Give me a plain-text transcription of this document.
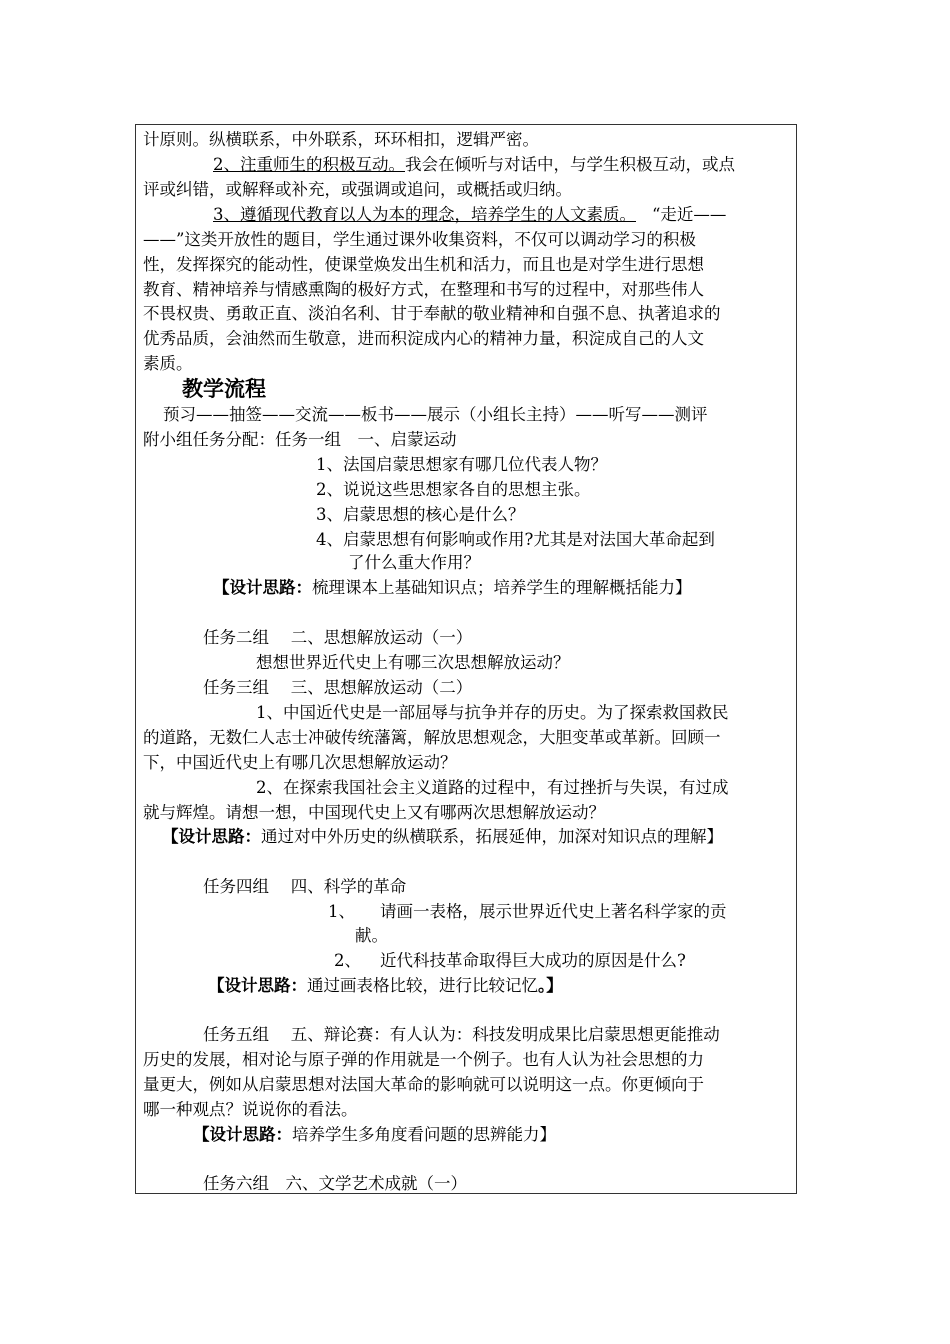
计原则。纵横联系，中外联系，环环相扣，逻辑严密。
2、注重师生的积极互动。我会在倾听与对话中，与学生积极互动，或点
评或纠错，或解释或补充，或强调或追问，或概括或归纳。
3、遵循现代教育以人为本的理念，培养学生的人文素质。 “走近——
——”这类开放性的题目，学生通过课外收集资料，不仅可以调动学习的积极
性，发挥探究的能动性，使课堂焕发出生机和活力，而且也是对学生进行思想
教育、精神培养与情感熏陶的极好方式，在整理和书写的过程中，对那些伟人
不畏权贵、勇敢正直、淡泊名利、甘于奉献的敬业精神和自强不息、执著追求的
优秀品质，会油然而生敬意，进而积淀成内心的精神力量，积淀成自己的人文
素质。
教学流程
预习——抽签——交流——板书——展示（小组长主持）——听写——测评
附小组任务分配：任务一组　一、启蒙运动
1、法国启蒙思想家有哪几位代表人物？
2、说说这些思想家各自的思想主张。
3、启蒙思想的核心是什么？
4、启蒙思想有何影响或作用?尤其是对法国大革命起到
了什么重大作用？
【设计思路：梳理课本上基础知识点；培养学生的理解概括能力】
任务二组　 二、思想解放运动（一）
想想世界近代史上有哪三次思想解放运动？
任务三组　 三、思想解放运动（二）
1、中国近代史是一部屈辱与抗争并存的历史。为了探索救国救民
的道路，无数仁人志士冲破传统藩篱，解放思想观念，大胆变革或革新。回顾一
下，中国近代史上有哪几次思想解放运动？
2、在探索我国社会主义道路的过程中，有过挫折与失误，有过成
就与辉煌。请想一想，中国现代史上又有哪两次思想解放运动？
【设计思路：通过对中外历史的纵横联系，拓展延伸，加深对知识点的理解】
任务四组　 四、科学的革命
1、 请画一表格，展示世界近代史上著名科学家的贡
献。
2、 近代科技革命取得巨大成功的原因是什么?
【设计思路：通过画表格比较，进行比较记忆。】
任务五组　 五、辩论赛：有人认为：科技发明成果比启蒙思想更能推动
历史的发展，相对论与原子弹的作用就是一个例子。也有人认为社会思想的力
量更大，例如从启蒙思想对法国大革命的影响就可以说明这一点。你更倾向于
哪一种观点？说说你的看法。
【设计思路：培养学生多角度看问题的思辨能力】
任务六组　六、文学艺术成就（一）
